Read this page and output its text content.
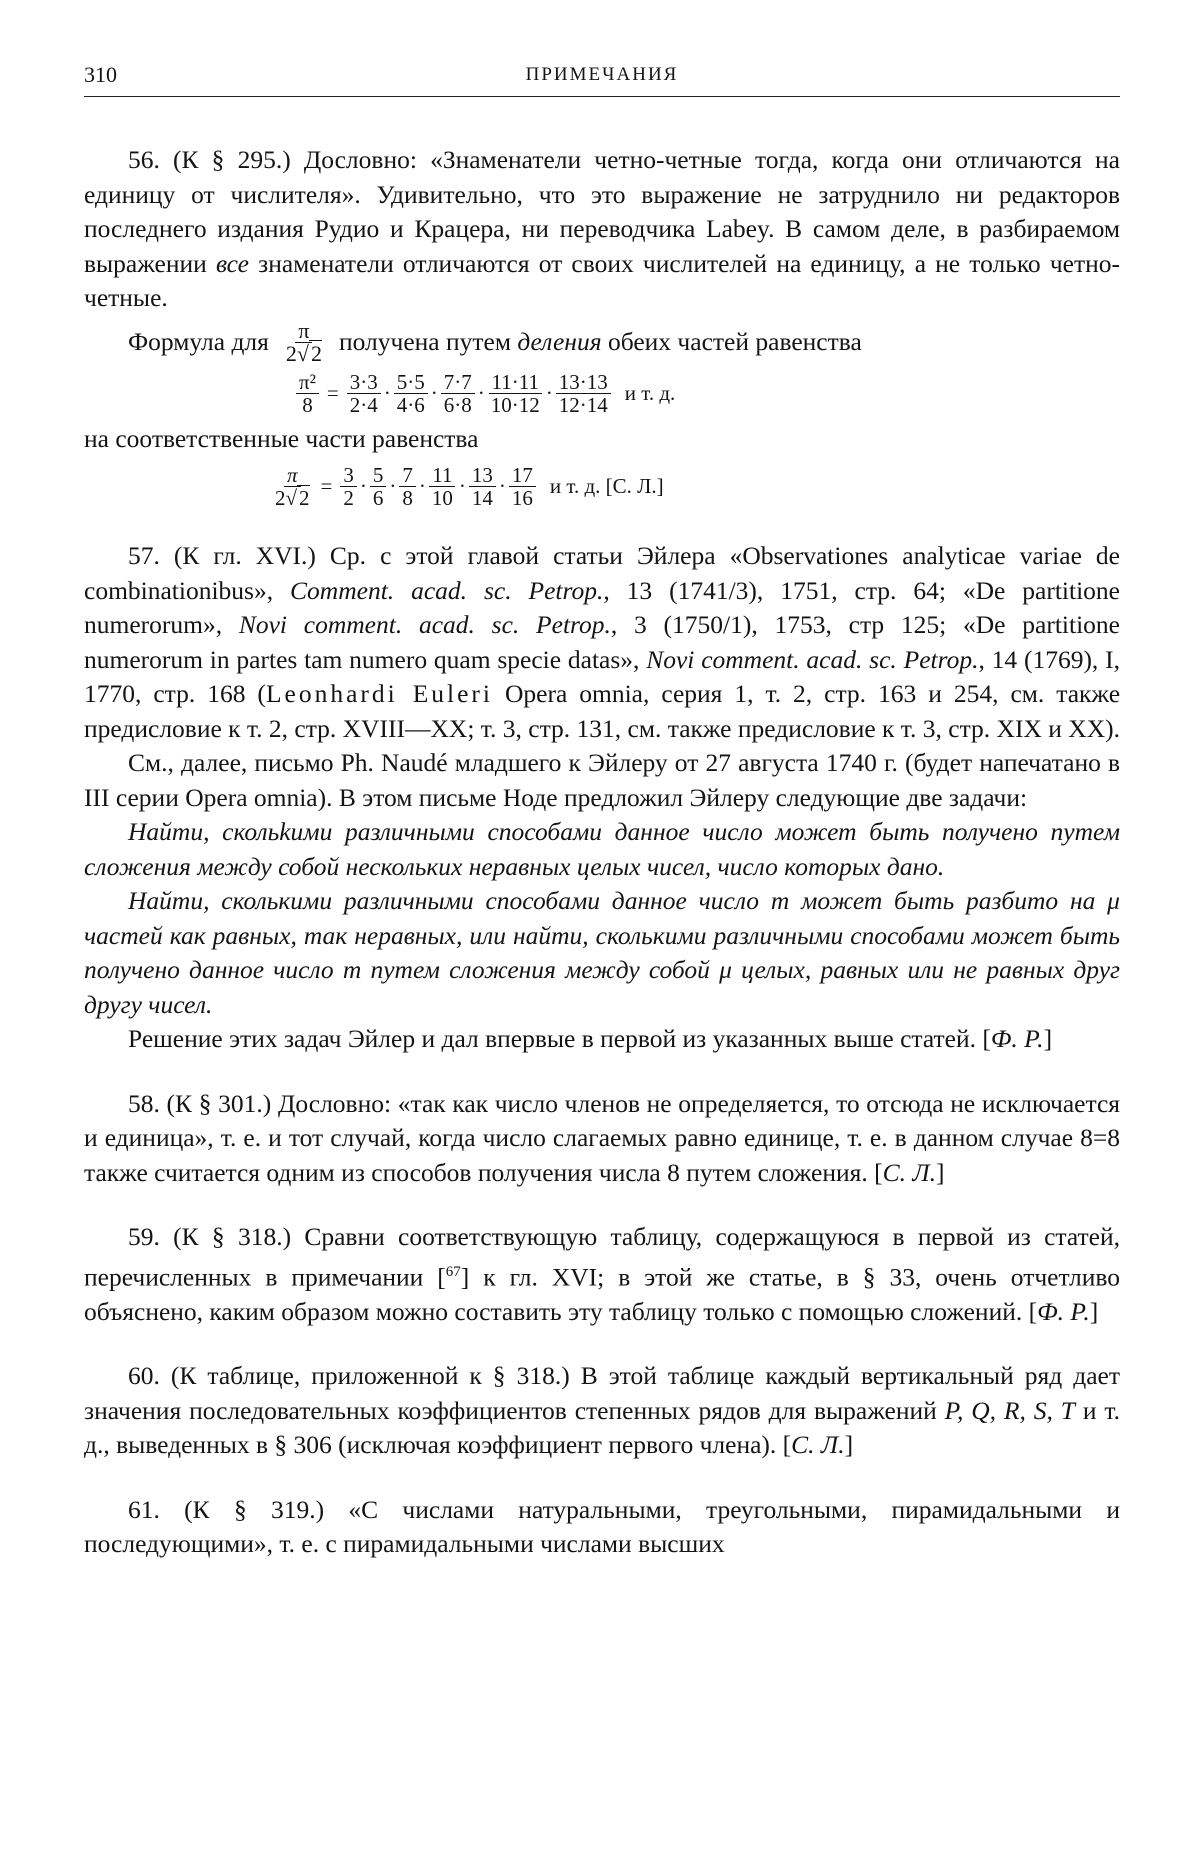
310	ПРИМЕЧАНИЯ

56. (К § 295.) Дословно: «Знаменатели четно-четные тогда, когда они отличаются на единицу от числителя». Удивительно, что это выражение не затруднило ни редакторов последнего издания Рудио и Крацера, ни переводчика Labey. В самом деле, в разбираемом выражении все знаменатели отличаются от своих числителей на единицу, а не только четно-четные.

Формула для $\frac{\pi}{2√2}$ получена путем деления обеих частей равенства
$\frac{\text{π²}}{8} = \frac{3\cdot 3}{2\cdot 4} \cdot \frac{5\cdot 5}{4\cdot 6} \cdot \frac{7\cdot 7}{6\cdot 8} \cdot \frac{11\cdot 11}{10\cdot 12} \cdot \frac{13\cdot 13}{12\cdot 14}$ и т. д.

на соответственные части равенства

$\frac{\pi}{2√2} = \frac{3}{2} \cdot \frac{5}{6} \cdot \frac{7}{8} \cdot \frac{11}{10} \cdot \frac{13}{14} \cdot \frac{17}{16}$ и т. д. [С. Л.]

57. (К гл. XVI.) Ср. с этой главой статьи Эйлера «Observationes analyticae variae de combinationibus», Comment. acad. sc. Petrop., 13 (1741/3), 1751, стр. 64; «De partitione numerorum», Novi comment. acad. sc. Petrop., 3 (1750/1), 1753, стр 125; «De partitione numerorum in partes tam numero quam specie datas», Novi comment. acad. sc. Petrop., 14 (1769), I, 1770, стр. 168 (Leonhardi Euleri Opera omnia, серия 1, т. 2, стр. 163 и 254, см. также предисловие к т. 2, стр. XVIII—XX; т. 3, стр. 131, см. также предисловие к т. 3, стр. XIX и XX).

См., далее, письмо Ph. Naudé младшего к Эйлеру от 27 августа 1740 г. (будет напечатано в III серии Opera omnia). В этом письме Ноде предложил Эйлеру следующие две задачи:

Найти, скольkими различными способами данное число может быть получено путем сложения между собой нескольких неравных целых чисел, число которых дано.

Найти, сколькими различными способами данное число m может быть разбито на μ частей как равных, так неравных, или найти, сколькими различными способами может быть получено данное число m путем сложения между собой μ целых, равных или не равных друг другу чисел.

Решение этих задач Эйлер и дал впервые в первой из указанных выше статей. [Ф. Р.]

58. (К § 301.) Дословно: «так как число членов не определяется, то отсюда не исключается и единица», т. е. и тот случай, когда число слагаемых равно единице, т. е. в данном случае 8=8 также считается одним из способов получения числа 8 путем сложения. [С. Л.]

59. (К § 318.) Сравни соответствующую таблицу, содержащуюся в первой из статей, перечисленных в примечании [$^{67}$] к гл. XVI; в этой же статье, в § 33, очень отчетливо объяснено, каким образом можно составить эту таблицу только с помощью сложений. [Ф. Р.]

60. (К таблице, приложенной к § 318.) В этой таблице каждый вертикальный ряд дает значения последовательных коэффициентов степенных рядов для выражений P, Q, R, S, T и т. д., выведенных в § 306 (исключая коэффициент первого члена). [С. Л.]

61. (К § 319.) «С числами натуральными, треугольными, пирамидальными и последующими», т. е. с пирамидальными числами высших
